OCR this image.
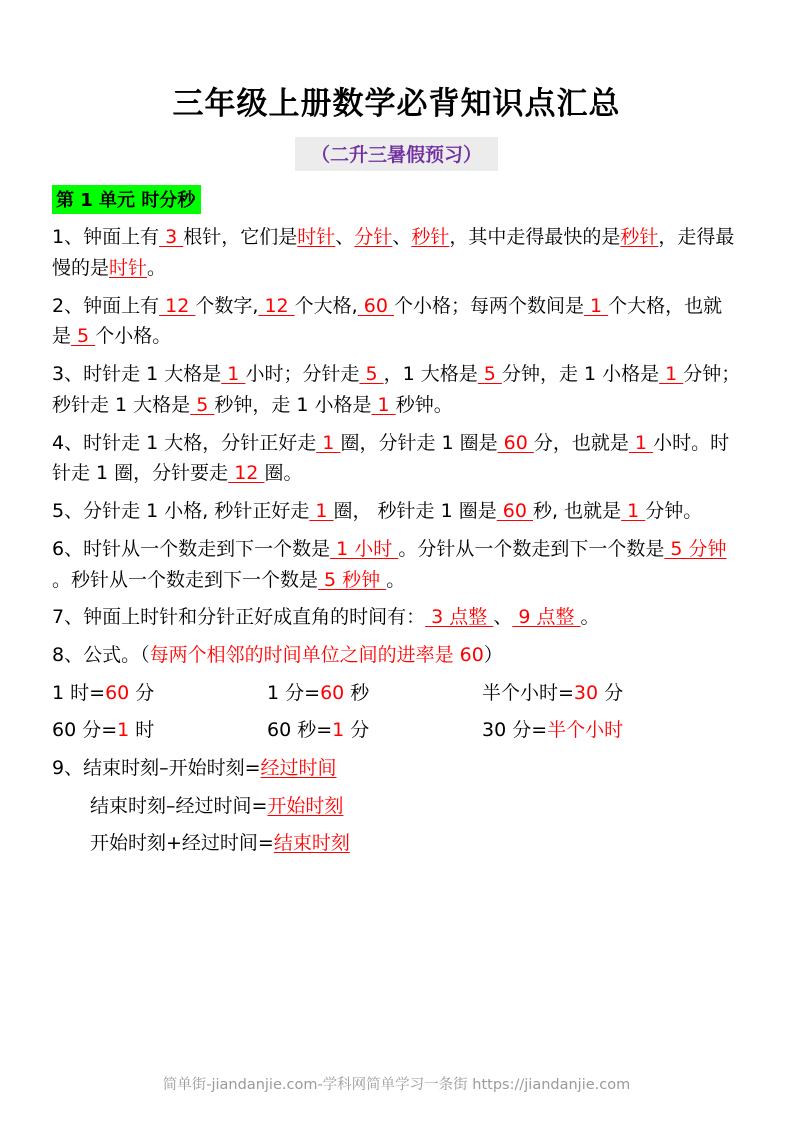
三年级上册数学必背知识点汇总
（二升三暑假预习）
第 1 单元 时分秒

1、钟面上有 3 根针，它们是时针、分针、秒针，其中走得最快的是秒针，走得最慢的是时针。

2、钟面上有 12 个数字, 12 个大格, 60 个小格；每两个数间是 1 个大格，也就是 5 个小格。

3、时针走 1 大格是 1 小时；分针走 5 ，1 大格是 5 分钟，走 1 小格是 1 分钟；秒针走 1 大格是 5 秒钟，走 1 小格是 1 秒钟。

4、时针走 1 大格，分针正好走 1 圈，分针走 1 圈是 60 分，也就是 1 小时。时针走 1 圈，分针要走 12 圈。

5、分针走 1 小格, 秒针正好走 1 圈， 秒针走 1 圈是 60 秒, 也就是 1 分钟。

6、时针从一个数走到下一个数是 1 小时 。分针从一个数走到下一个数是 5 分钟 。秒针从一个数走到下一个数是 5 秒钟 。

7、钟面上时针和分针正好成直角的时间有： 3 点整 、 9 点整 。

8、公式。（每两个相邻的时间单位之间的进率是 60）

1 时=60 分	1 分=60 秒	半个小时=30 分
60 分=1 时	60 秒=1 分	30 分=半个小时

9、结束时刻–开始时刻=经过时间

结束时刻–经过时间=开始时刻

开始时刻+经过时间=结束时刻

简单街-jiandanjie.com-学科网简单学习一条街 https://jiandanjie.com
